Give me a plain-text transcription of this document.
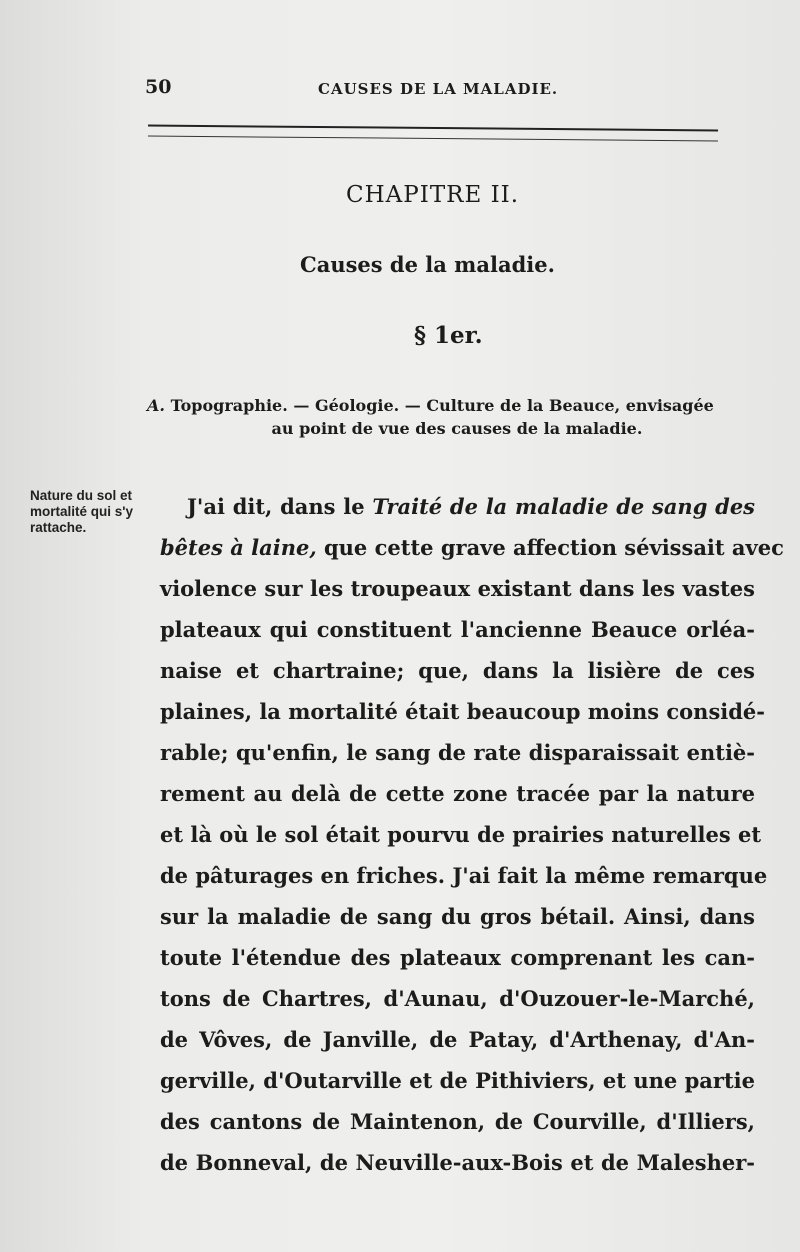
50	CAUSES DE LA MALADIE.
CHAPITRE II.
Causes de la maladie.
§ 1er.
A. Topographie. — Géologie. — Culture de la Beauce, envisagée
au point de vue des causes de la maladie.
Nature du sol et mortalité qui s'y rattache.
J'ai dit, dans le Traité de la maladie de sang des
bêtes à laine, que cette grave affection sévissait avec
violence sur les troupeaux existant dans les vastes
plateaux qui constituent l'ancienne Beauce orléa-
naise et chartraine; que, dans la lisière de ces
plaines, la mortalité était beaucoup moins considé-
rable; qu'enfin, le sang de rate disparaissait entiè-
rement au delà de cette zone tracée par la nature
et là où le sol était pourvu de prairies naturelles et
de pâturages en friches. J'ai fait la même remarque
sur la maladie de sang du gros bétail. Ainsi, dans
toute l'étendue des plateaux comprenant les can-
tons de Chartres, d'Aunau, d'Ouzouer-le-Marché,
de Vôves, de Janville, de Patay, d'Arthenay, d'An-
gerville, d'Outarville et de Pithiviers, et une partie
des cantons de Maintenon, de Courville, d'Illiers,
de Bonneval, de Neuville-aux-Bois et de Malesher-
